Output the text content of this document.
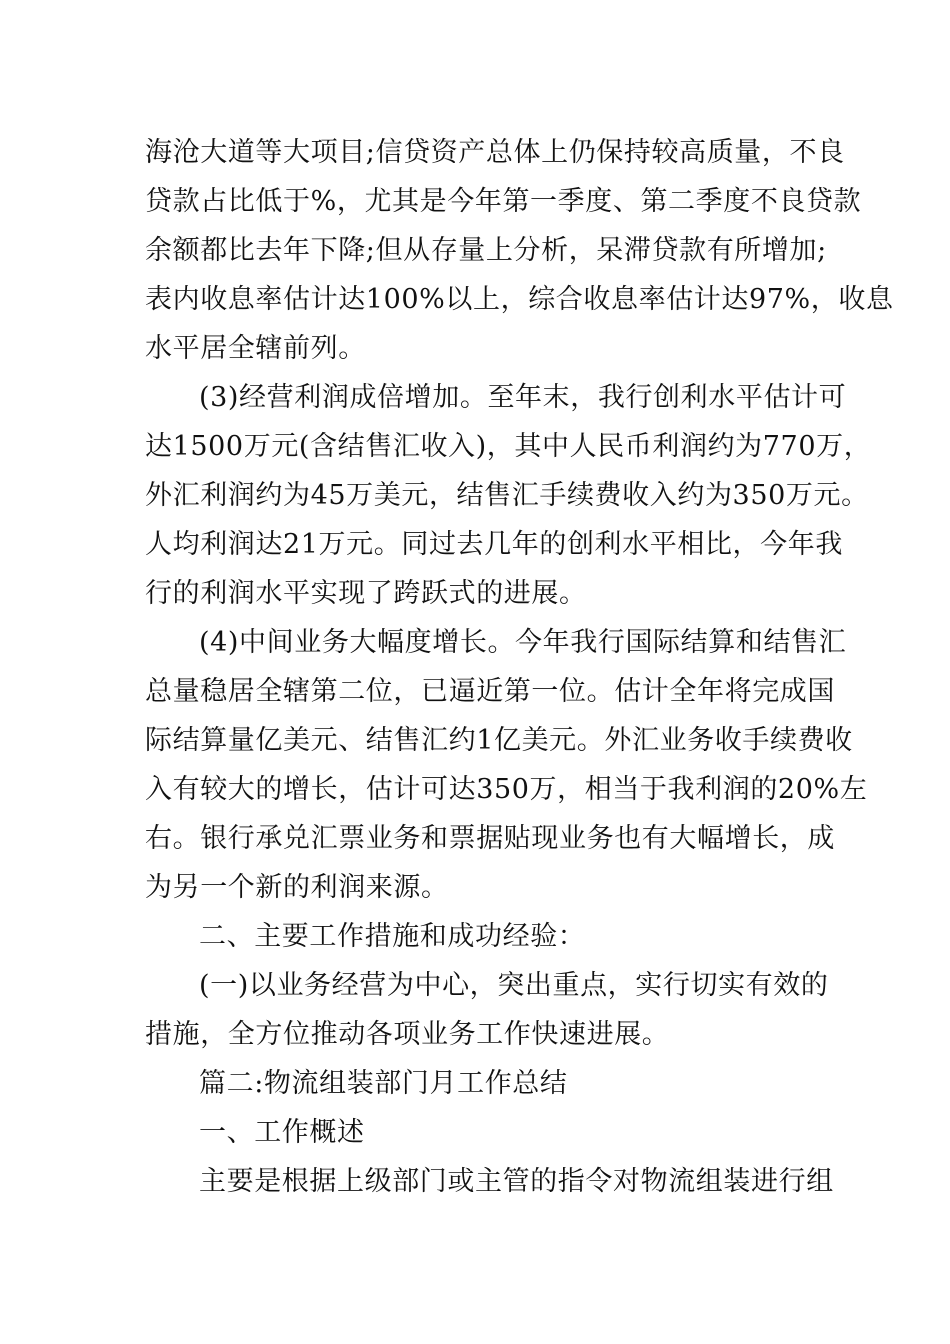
海沧大道等大项目;信贷资产总体上仍保持较高质量，不良
贷款占比低于%，尤其是今年第一季度、第二季度不良贷款
余额都比去年下降;但从存量上分析，呆滞贷款有所增加;
表内收息率估计达100%以上，综合收息率估计达97%，收息
水平居全辖前列。
(3)经营利润成倍增加。至年末，我行创利水平估计可
达1500万元(含结售汇收入)，其中人民币利润约为770万，
外汇利润约为45万美元，结售汇手续费收入约为350万元。
人均利润达21万元。同过去几年的创利水平相比，今年我
行的利润水平实现了跨跃式的进展。
(4)中间业务大幅度增长。今年我行国际结算和结售汇
总量稳居全辖第二位，已逼近第一位。估计全年将完成国
际结算量亿美元、结售汇约1亿美元。外汇业务收手续费收
入有较大的增长，估计可达350万，相当于我利润的20%左
右。银行承兑汇票业务和票据贴现业务也有大幅增长，成
为另一个新的利润来源。
二、主要工作措施和成功经验：
(一)以业务经营为中心，突出重点，实行切实有效的
措施，全方位推动各项业务工作快速进展。
篇二:物流组装部门月工作总结
一、工作概述
主要是根据上级部门或主管的指令对物流组装进行组
